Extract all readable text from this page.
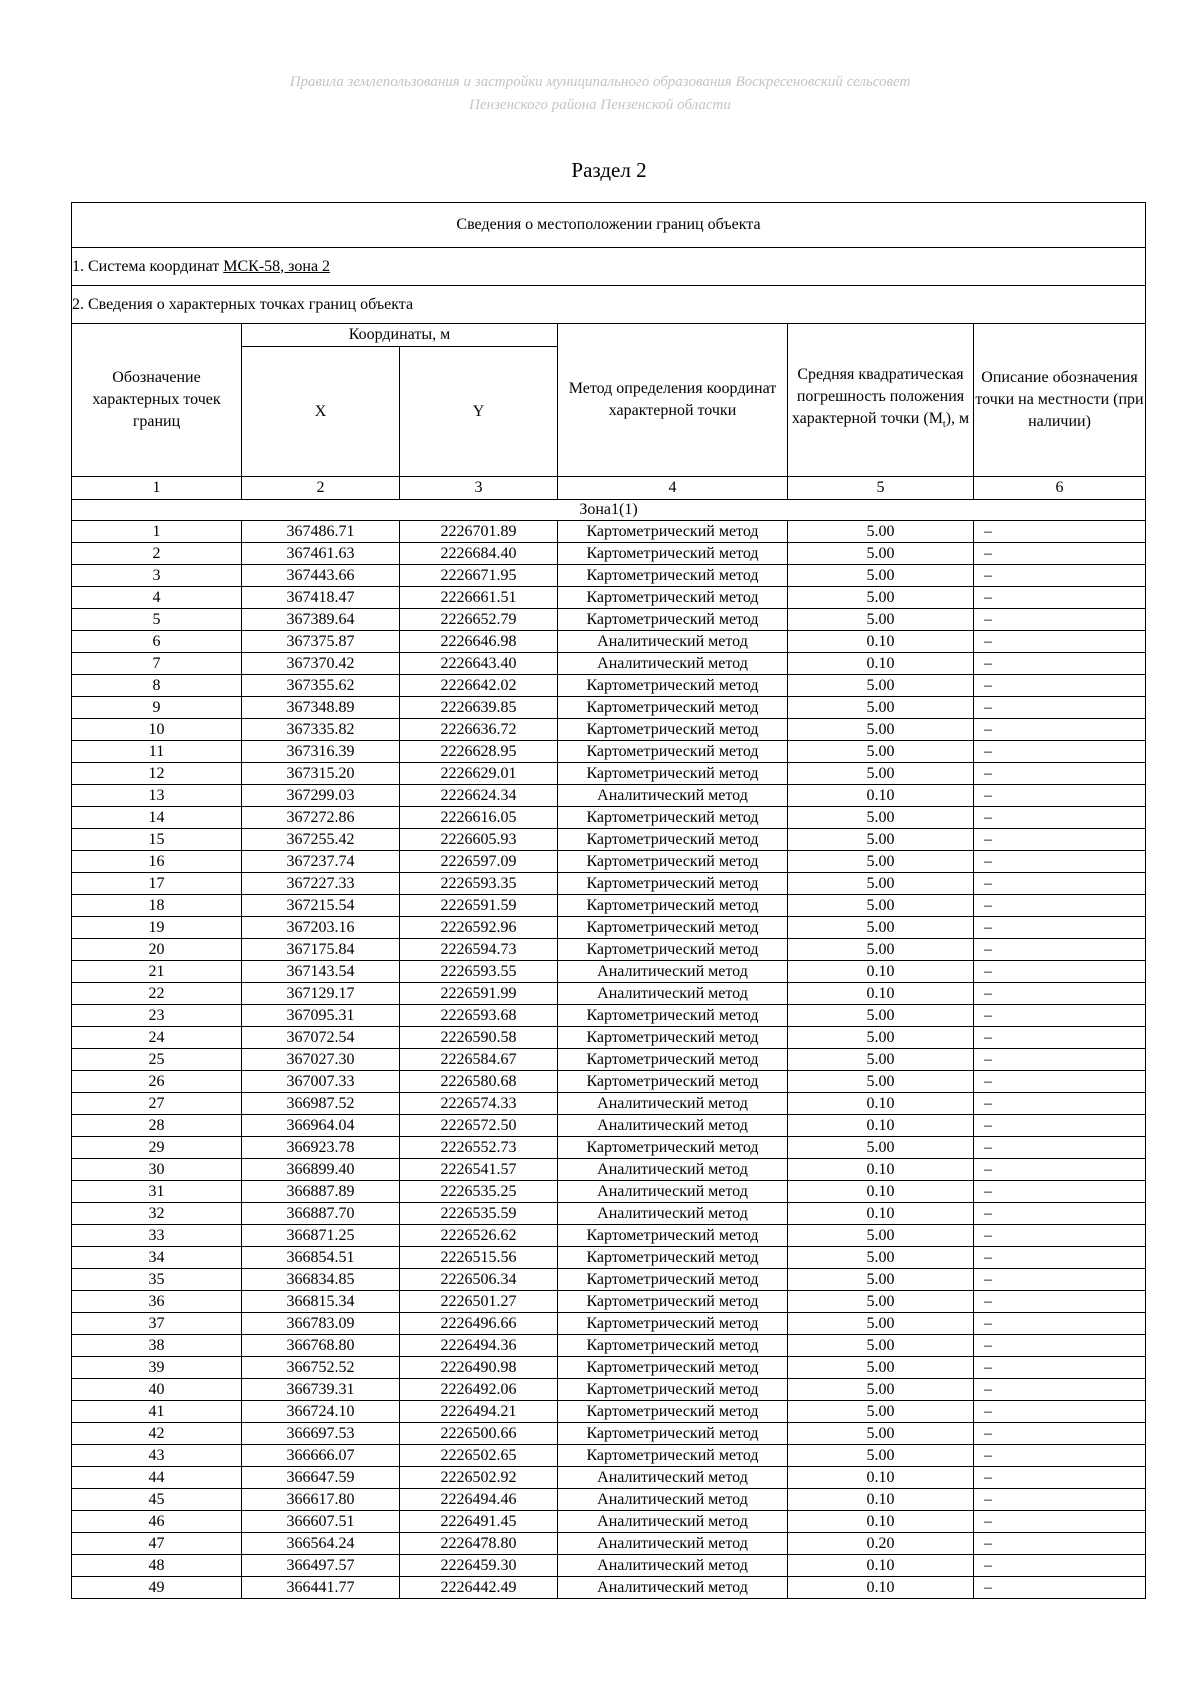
Правила землепользования и застройки муниципального образования Воскресеновский сельсовет
Пензенского района Пензенской области
Раздел 2
Сведения о местоположении границ объекта					
1. Система координат МСК-58, зона 2					
2. Сведения о характерных точках границ объекта					
Обозначение характерных точек границ	Координаты, м		Метод определения координат характерной точки	Средняя квадратическая погрешность положения характерной точки $(M_t)$, м	Описание обозначения точки на местности (при наличии)
	X	Y			
1	2	3	4	5	6
Зона1(1)					
1	367486.71	2226701.89	Картометрический метод	5.00	–
2	367461.63	2226684.40	Картометрический метод	5.00	–
3	367443.66	2226671.95	Картометрический метод	5.00	–
4	367418.47	2226661.51	Картометрический метод	5.00	–
5	367389.64	2226652.79	Картометрический метод	5.00	–
6	367375.87	2226646.98	Аналитический метод	0.10	–
7	367370.42	2226643.40	Аналитический метод	0.10	–
8	367355.62	2226642.02	Картометрический метод	5.00	–
9	367348.89	2226639.85	Картометрический метод	5.00	–
10	367335.82	2226636.72	Картометрический метод	5.00	–
11	367316.39	2226628.95	Картометрический метод	5.00	–
12	367315.20	2226629.01	Картометрический метод	5.00	–
13	367299.03	2226624.34	Аналитический метод	0.10	–
14	367272.86	2226616.05	Картометрический метод	5.00	–
15	367255.42	2226605.93	Картометрический метод	5.00	–
16	367237.74	2226597.09	Картометрический метод	5.00	–
17	367227.33	2226593.35	Картометрический метод	5.00	–
18	367215.54	2226591.59	Картометрический метод	5.00	–
19	367203.16	2226592.96	Картометрический метод	5.00	–
20	367175.84	2226594.73	Картометрический метод	5.00	–
21	367143.54	2226593.55	Аналитический метод	0.10	–
22	367129.17	2226591.99	Аналитический метод	0.10	–
23	367095.31	2226593.68	Картометрический метод	5.00	–
24	367072.54	2226590.58	Картометрический метод	5.00	–
25	367027.30	2226584.67	Картометрический метод	5.00	–
26	367007.33	2226580.68	Картометрический метод	5.00	–
27	366987.52	2226574.33	Аналитический метод	0.10	–
28	366964.04	2226572.50	Аналитический метод	0.10	–
29	366923.78	2226552.73	Картометрический метод	5.00	–
30	366899.40	2226541.57	Аналитический метод	0.10	–
31	366887.89	2226535.25	Аналитический метод	0.10	–
32	366887.70	2226535.59	Аналитический метод	0.10	–
33	366871.25	2226526.62	Картометрический метод	5.00	–
34	366854.51	2226515.56	Картометрический метод	5.00	–
35	366834.85	2226506.34	Картометрический метод	5.00	–
36	366815.34	2226501.27	Картометрический метод	5.00	–
37	366783.09	2226496.66	Картометрический метод	5.00	–
38	366768.80	2226494.36	Картометрический метод	5.00	–
39	366752.52	2226490.98	Картометрический метод	5.00	–
40	366739.31	2226492.06	Картометрический метод	5.00	–
41	366724.10	2226494.21	Картометрический метод	5.00	–
42	366697.53	2226500.66	Картометрический метод	5.00	–
43	366666.07	2226502.65	Картометрический метод	5.00	–
44	366647.59	2226502.92	Аналитический метод	0.10	–
45	366617.80	2226494.46	Аналитический метод	0.10	–
46	366607.51	2226491.45	Аналитический метод	0.10	–
47	366564.24	2226478.80	Аналитический метод	0.20	–
48	366497.57	2226459.30	Аналитический метод	0.10	–
49	366441.77	2226442.49	Аналитический метод	0.10	–
